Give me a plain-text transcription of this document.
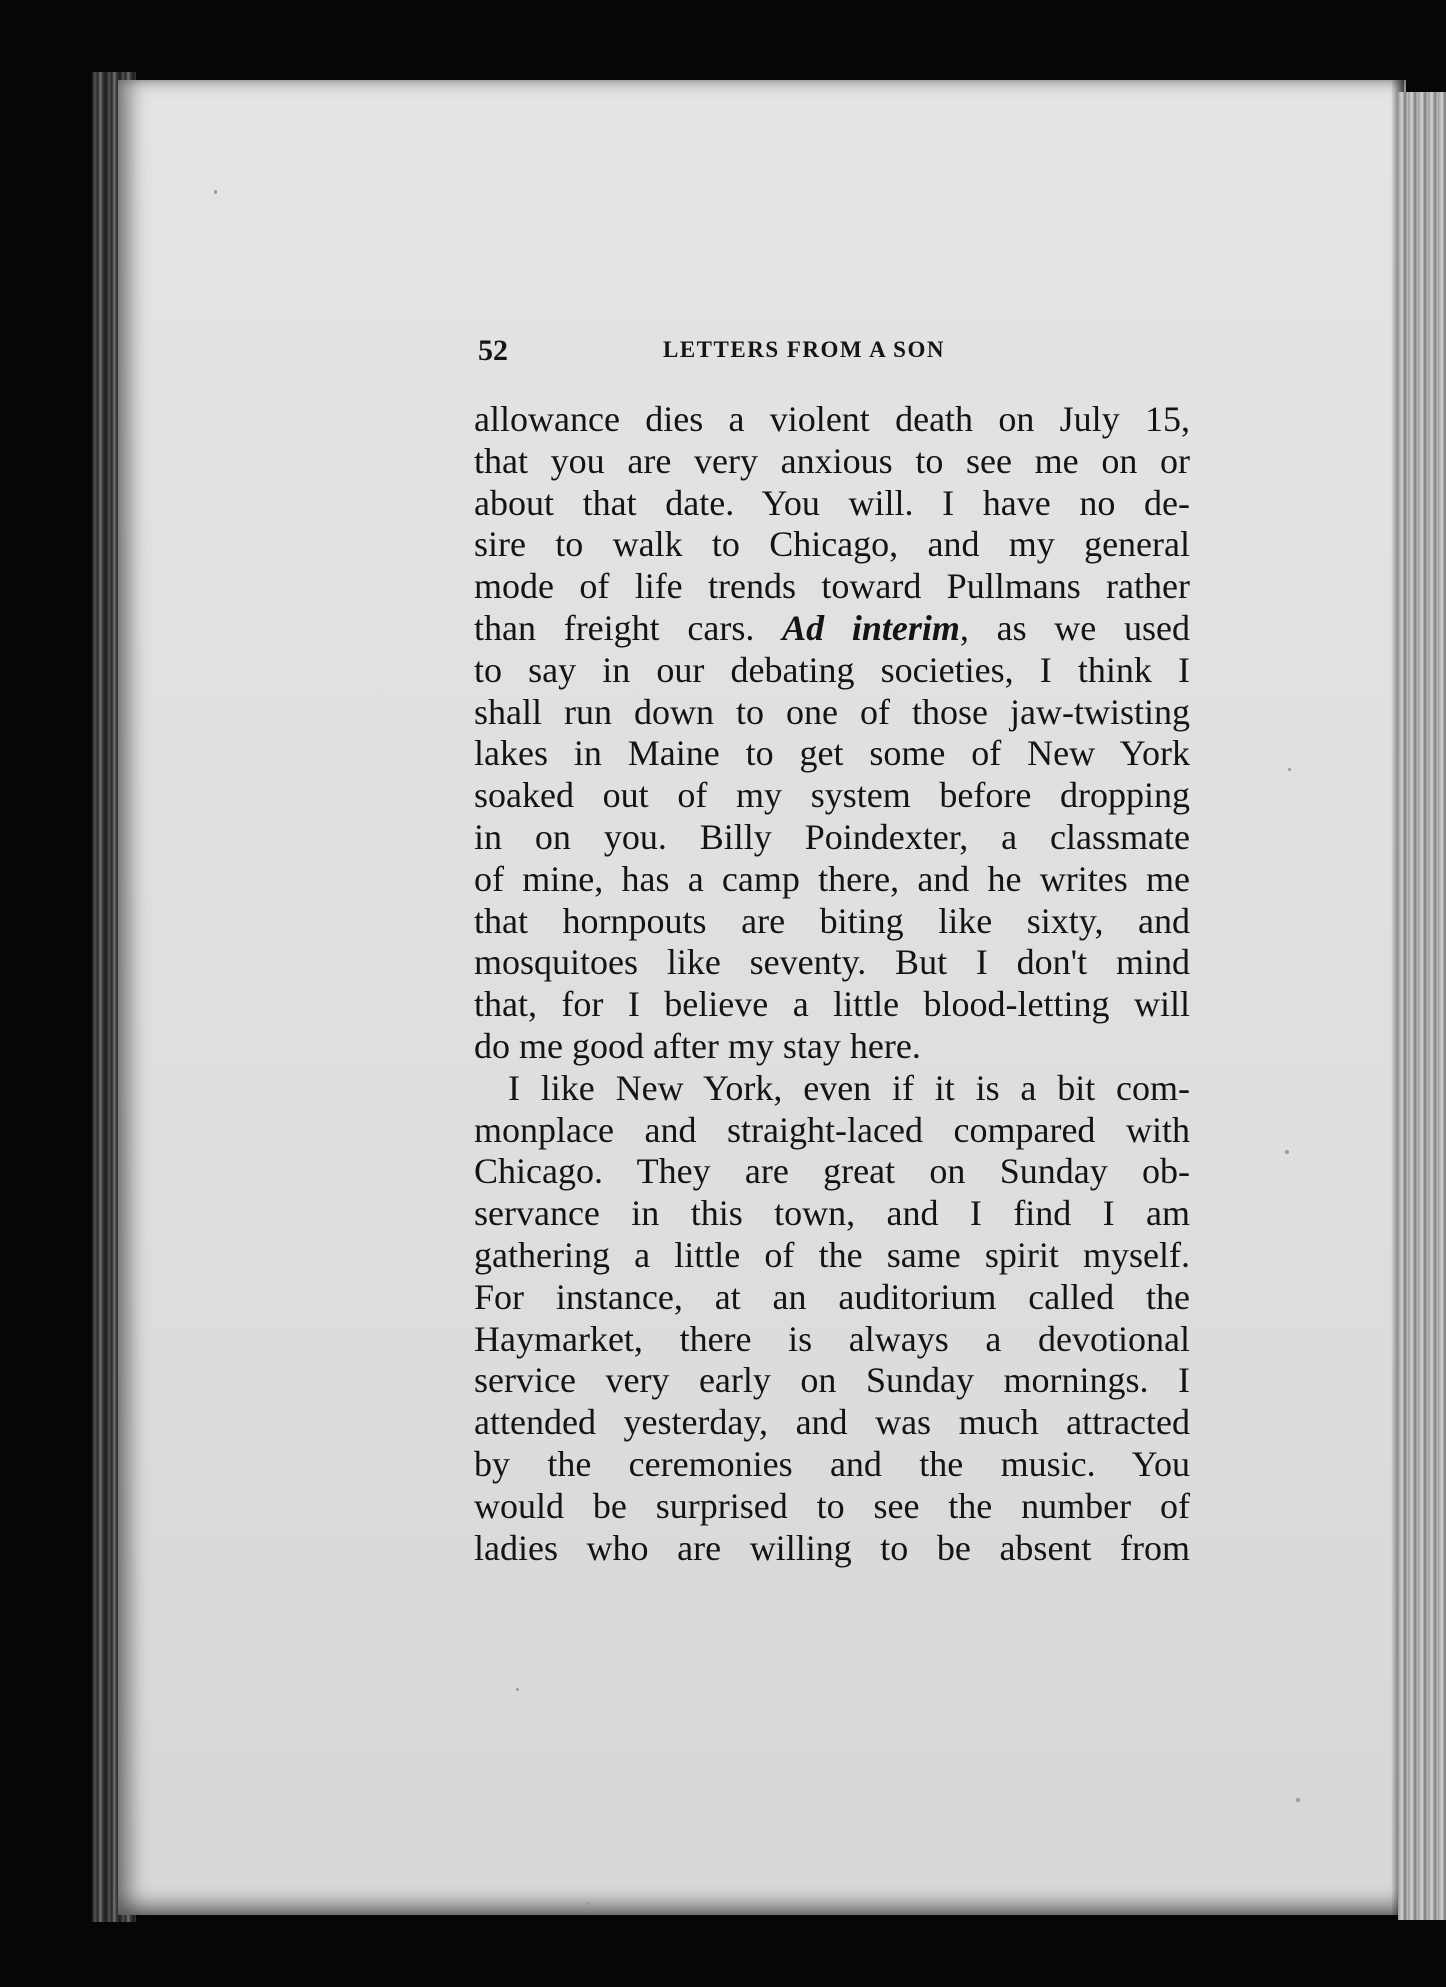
52	LETTERS FROM A SON
allowance dies a violent death on July 15,
that you are very anxious to see me on or
about that date. You will. I have no de-
sire to walk to Chicago, and my general
mode of life trends toward Pullmans rather
than freight cars. Ad interim, as we used
to say in our debating societies, I think I
shall run down to one of those jaw-twisting
lakes in Maine to get some of New York
soaked out of my system before dropping
in on you. Billy Poindexter, a classmate
of mine, has a camp there, and he writes me
that hornpouts are biting like sixty, and
mosquitoes like seventy. But I don't mind
that, for I believe a little blood-letting will
do me good after my stay here.
I like New York, even if it is a bit com-
monplace and straight-laced compared with
Chicago. They are great on Sunday ob-
servance in this town, and I find I am
gathering a little of the same spirit myself.
For instance, at an auditorium called the
Haymarket, there is always a devotional
service very early on Sunday mornings. I
attended yesterday, and was much attracted
by the ceremonies and the music. You
would be surprised to see the number of
ladies who are willing to be absent from
